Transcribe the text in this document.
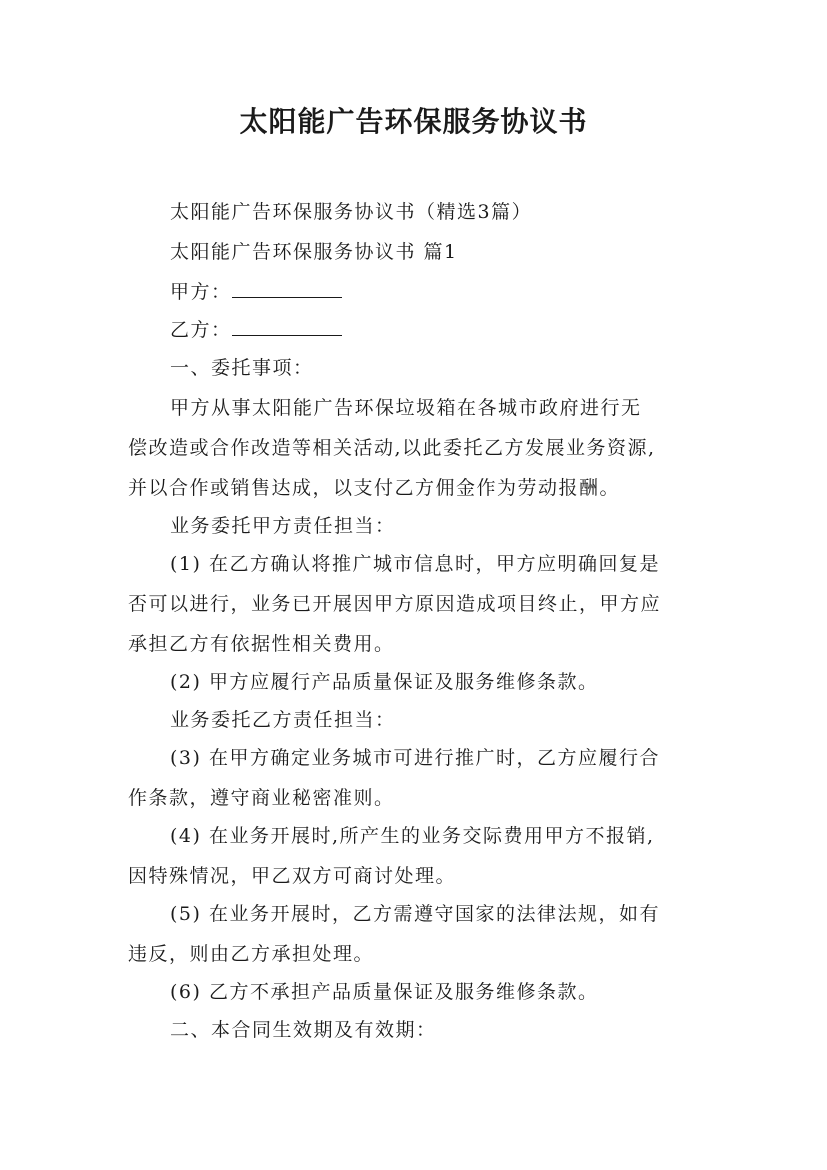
太阳能广告环保服务协议书
太阳能广告环保服务协议书（精选3篇）
太阳能广告环保服务协议书 篇1
甲方：
乙方：
一、委托事项：
甲方从事太阳能广告环保垃圾箱在各城市政府进行无
偿改造或合作改造等相关活动,以此委托乙方发展业务资源,
并以合作或销售达成，以支付乙方佣金作为劳动报酬。
业务委托甲方责任担当：
(1) 在乙方确认将推广城市信息时，甲方应明确回复是
否可以进行，业务已开展因甲方原因造成项目终止，甲方应
承担乙方有依据性相关费用。
(2) 甲方应履行产品质量保证及服务维修条款。
业务委托乙方责任担当：
(3) 在甲方确定业务城市可进行推广时，乙方应履行合
作条款，遵守商业秘密准则。
(4) 在业务开展时,所产生的业务交际费用甲方不报销,
因特殊情况，甲乙双方可商讨处理。
(5) 在业务开展时，乙方需遵守国家的法律法规，如有
违反，则由乙方承担处理。
(6) 乙方不承担产品质量保证及服务维修条款。
二、本合同生效期及有效期：
